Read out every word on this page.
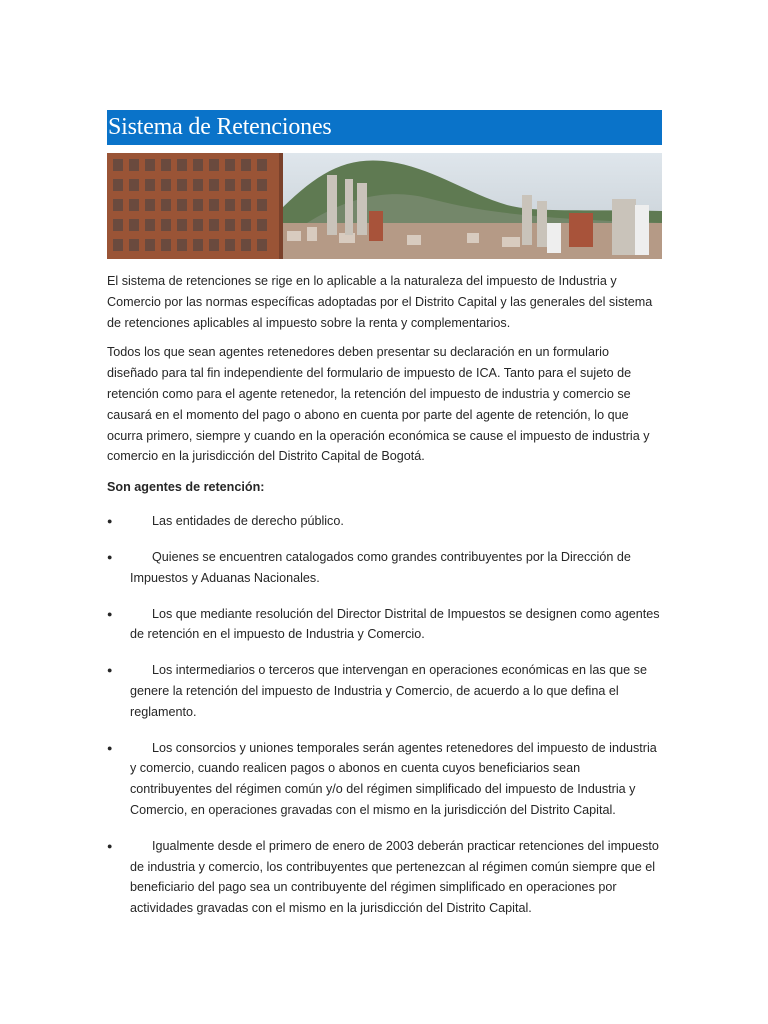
Sistema de Retenciones

El sistema de retenciones se rige en lo aplicable a la naturaleza del impuesto de Industria y Comercio por las normas específicas adoptadas por el Distrito Capital y las generales del sistema de retenciones aplicables al impuesto sobre la renta y complementarios.

Todos los que sean agentes retenedores deben presentar su declaración en un formulario diseñado para tal fin independiente del formulario de impuesto de ICA. Tanto para el sujeto de retención como para el agente retenedor, la retención del impuesto de industria y comercio se causará en el momento del pago o abono en cuenta por parte del agente de retención, lo que ocurra primero, siempre y cuando en la operación económica se cause el impuesto de industria y comercio en la jurisdicción del Distrito Capital de Bogotá.

Son agentes de retención:
●	Las entidades de derecho público.
●	Quienes se encuentren catalogados como grandes contribuyentes por la Dirección de Impuestos y Aduanas Nacionales.
●	Los que mediante resolución del Director Distrital de Impuestos se designen como agentes de retención en el impuesto de Industria y Comercio.
●	Los intermediarios o terceros que intervengan en operaciones económicas en las que se genere la retención del impuesto de Industria y Comercio, de acuerdo a lo que defina el reglamento.
●	Los consorcios y uniones temporales serán agentes retenedores del impuesto de industria y comercio, cuando realicen pagos o abonos en cuenta cuyos beneficiarios sean contribuyentes del régimen común y/o del régimen simplificado del impuesto de Industria y Comercio, en operaciones gravadas con el mismo en la jurisdicción del Distrito Capital.
●	Igualmente desde el primero de enero de 2003 deberán practicar retenciones del impuesto de industria y comercio, los contribuyentes que pertenezcan al régimen común siempre que el beneficiario del pago sea un contribuyente del régimen simplificado en operaciones por actividades gravadas con el mismo en la jurisdicción del Distrito Capital.
